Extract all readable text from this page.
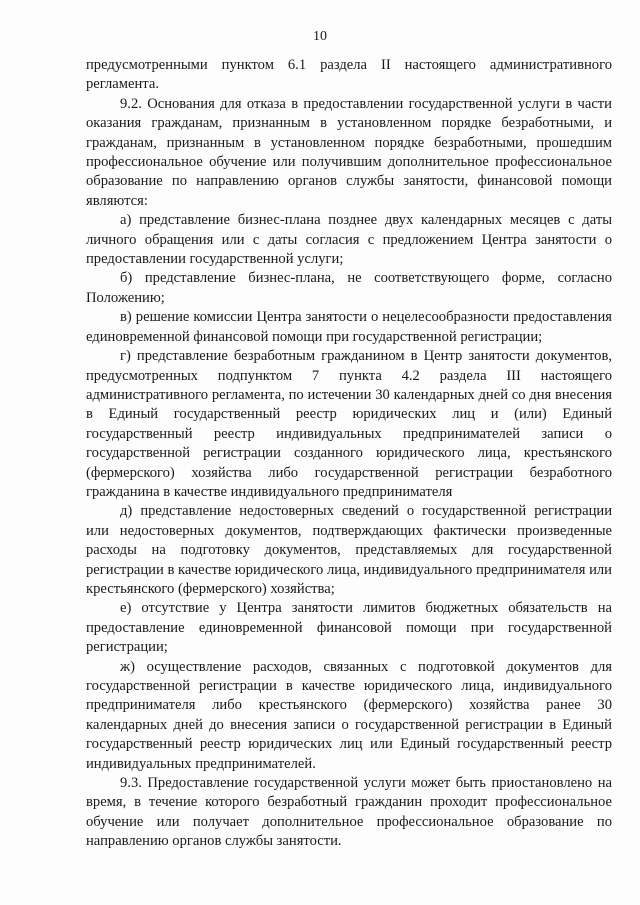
10

предусмотренными пунктом 6.1 раздела II настоящего административного регламента.

9.2. Основания для отказа в предоставлении государственной услуги в части оказания гражданам, признанным в установленном порядке безработными, и гражданам, признанным в установленном порядке безработными, прошедшим профессиональное обучение или получившим дополнительное профессиональное образование по направлению органов службы занятости, финансовой помощи являются:

а) представление бизнес-плана позднее двух календарных месяцев с даты личного обращения или с даты согласия с предложением Центра занятости о предоставлении государственной услуги;

б) представление бизнес-плана, не соответствующего форме, согласно Положению;

в) решение комиссии Центра занятости о нецелесообразности предоставления единовременной финансовой помощи при государственной регистрации;

г) представление безработным гражданином в Центр занятости документов, предусмотренных подпунктом 7 пункта 4.2 раздела III настоящего административного регламента, по истечении 30 календарных дней со дня внесения в Единый государственный реестр юридических лиц и (или) Единый государственный реестр индивидуальных предпринимателей записи о государственной регистрации созданного юридического лица, крестьянского (фермерского) хозяйства либо государственной регистрации безработного гражданина в качестве индивидуального предпринимателя

д) представление недостоверных сведений о государственной регистрации или недостоверных документов, подтверждающих фактически произведенные расходы на подготовку документов, представляемых для государственной регистрации в качестве юридического лица, индивидуального предпринимателя или крестьянского (фермерского) хозяйства;

е) отсутствие у Центра занятости лимитов бюджетных обязательств на предоставление единовременной финансовой помощи при государственной регистрации;

ж) осуществление расходов, связанных с подготовкой документов для государственной регистрации в качестве юридического лица, индивидуального предпринимателя либо крестьянского (фермерского) хозяйства ранее 30 календарных дней до внесения записи о государственной регистрации в Единый государственный реестр юридических лиц или Единый государственный реестр индивидуальных предпринимателей.

9.3. Предоставление государственной услуги может быть приостановлено на время, в течение которого безработный гражданин проходит профессиональное обучение или получает дополнительное профессиональное образование по направлению органов службы занятости.
